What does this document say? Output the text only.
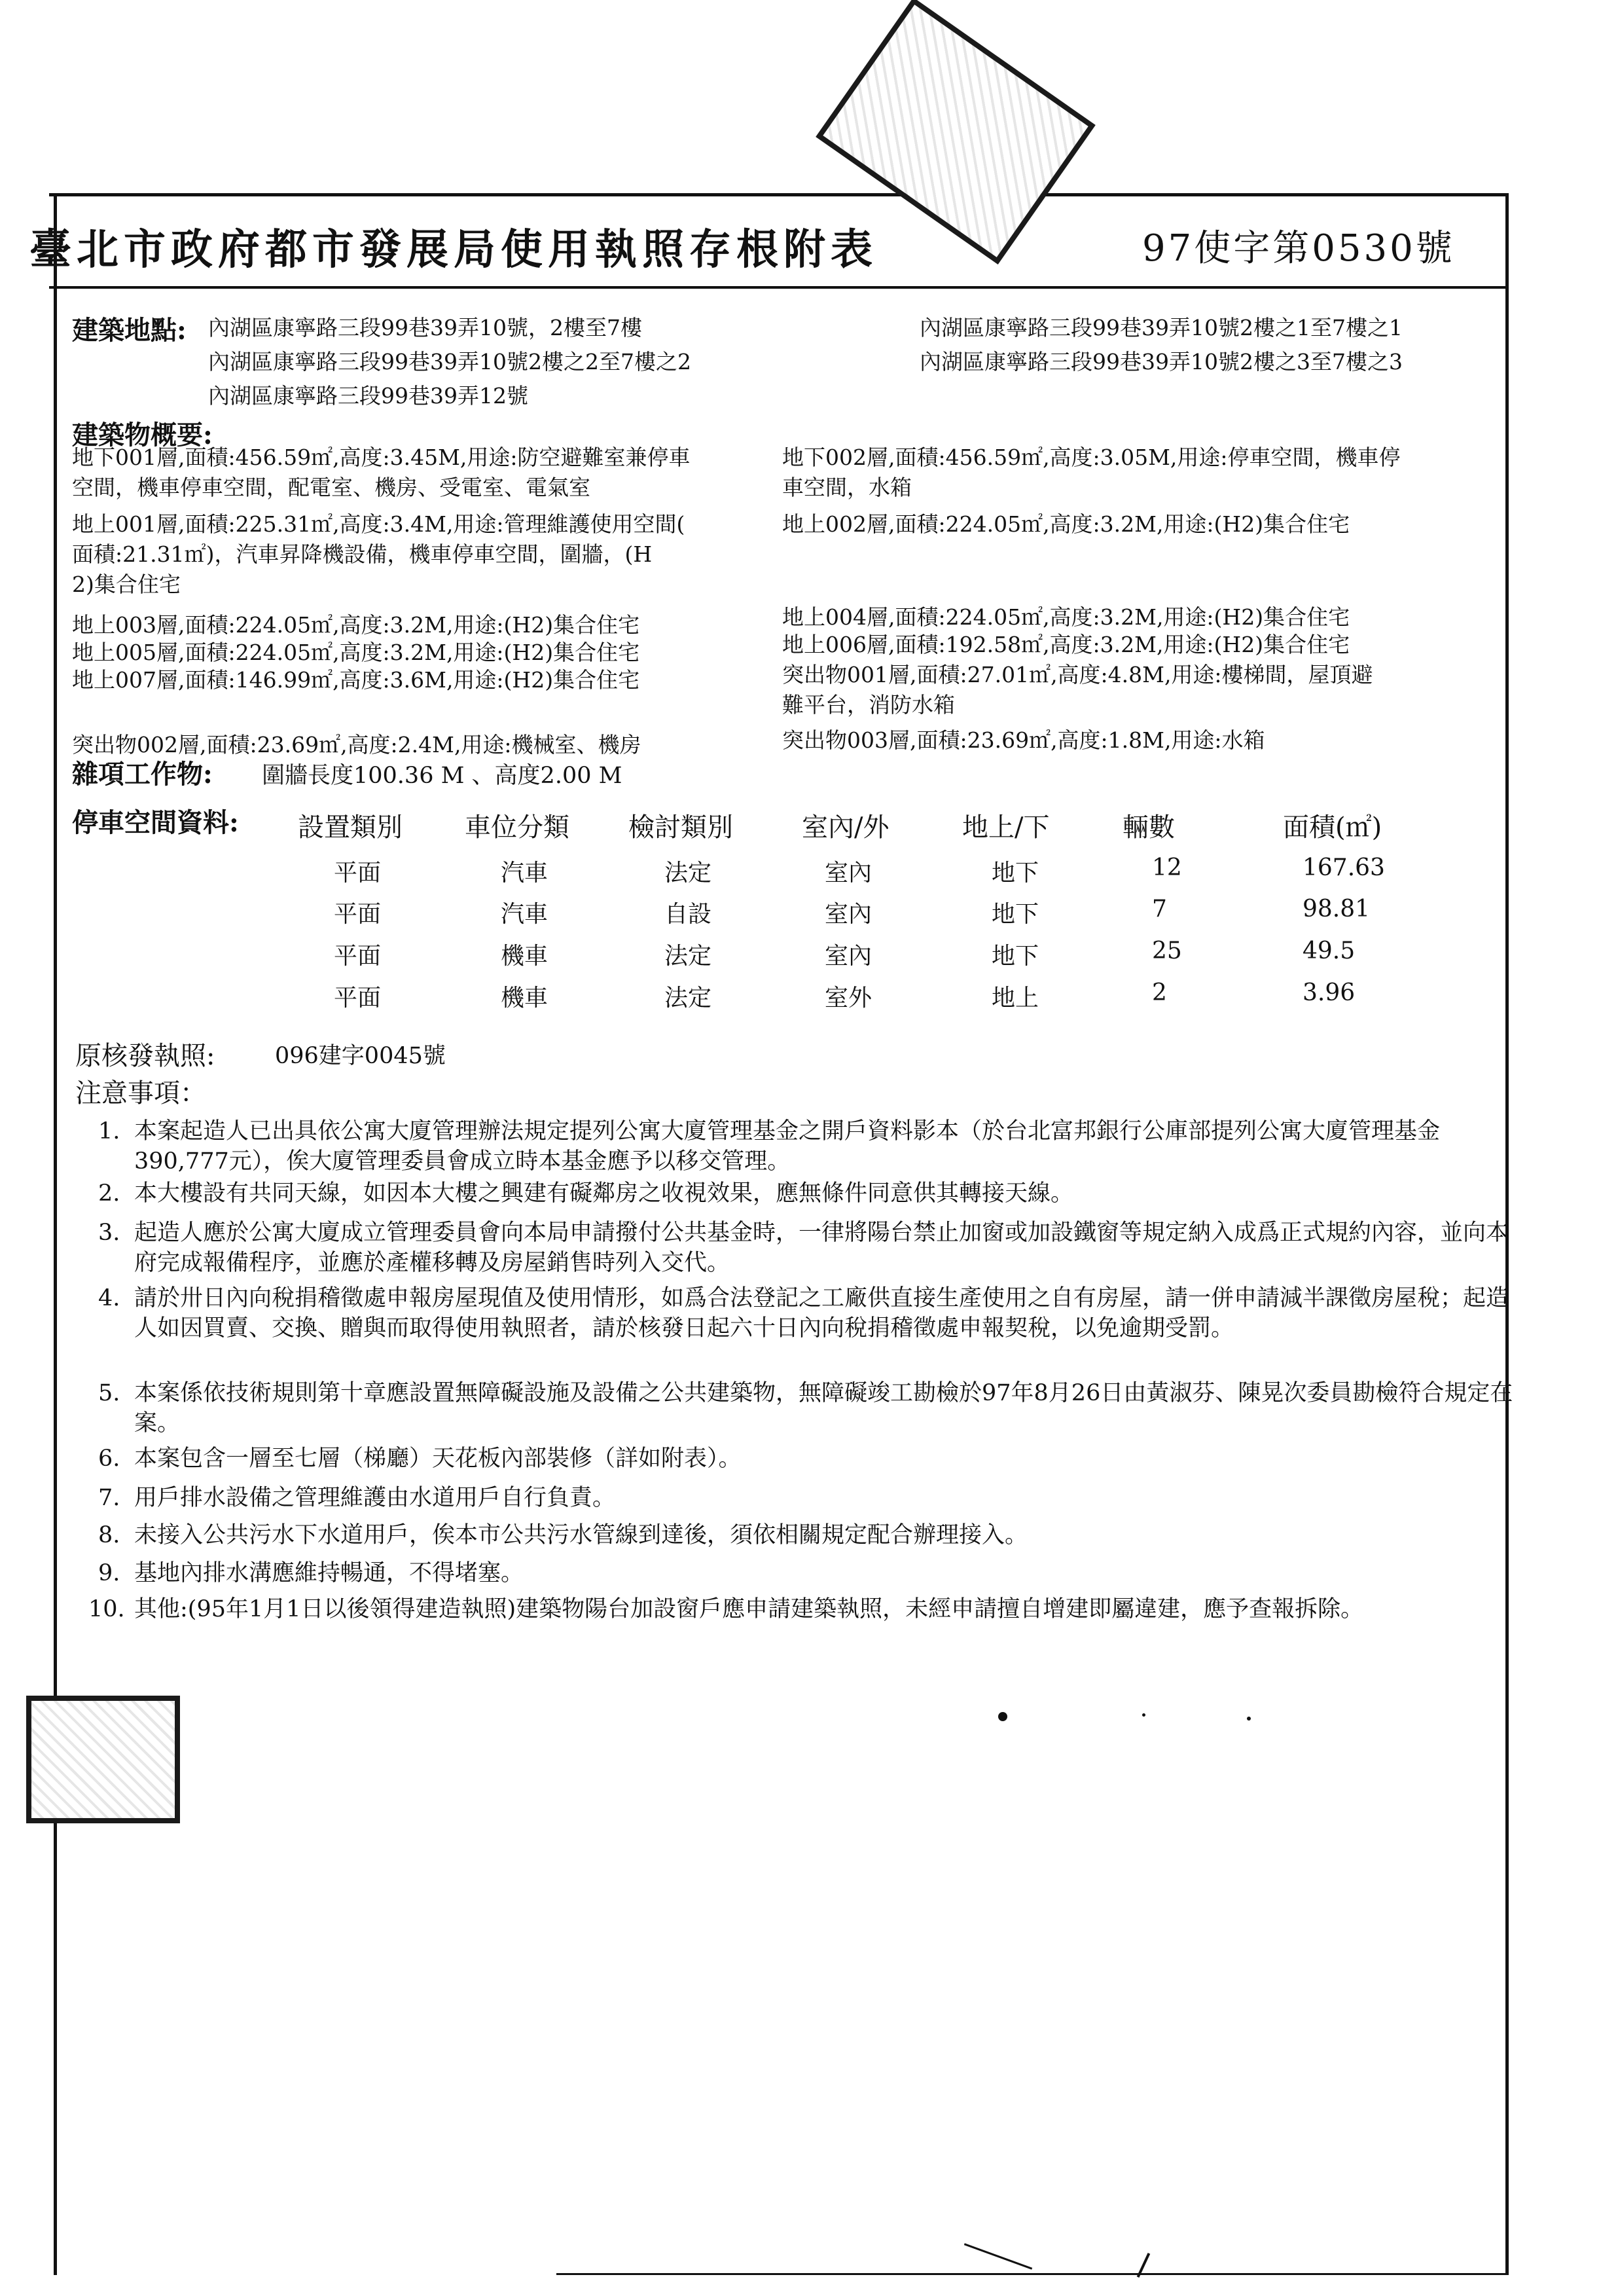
臺北市政府都市發展局使用執照存根附表	97使字第0530號
建築地點: 內湖區康寧路三段99巷39弄10號，2樓至7樓	內湖區康寧路三段99巷39弄10號2樓之1至7樓之1
內湖區康寧路三段99巷39弄10號2樓之2至7樓之2	內湖區康寧路三段99巷39弄10號2樓之3至7樓之3
內湖區康寧路三段99巷39弄12號
建築物概要:
地下001層,面積:456.59㎡,高度:3.45M,用途:防空避難室兼停車
空間，機車停車空間，配電室、機房、受電室、電氣室
地下002層,面積:456.59㎡,高度:3.05M,用途:停車空間，機車停
車空間，水箱
地上001層,面積:225.31㎡,高度:3.4M,用途:管理維護使用空間(
面積:21.31㎡)，汽車昇降機設備，機車停車空間，圍牆，(H
2)集合住宅
地上002層,面積:224.05㎡,高度:3.2M,用途:(H2)集合住宅
地上003層,面積:224.05㎡,高度:3.2M,用途:(H2)集合住宅	地上004層,面積:224.05㎡,高度:3.2M,用途:(H2)集合住宅
地上005層,面積:224.05㎡,高度:3.2M,用途:(H2)集合住宅	地上006層,面積:192.58㎡,高度:3.2M,用途:(H2)集合住宅
地上007層,面積:146.99㎡,高度:3.6M,用途:(H2)集合住宅	突出物001層,面積:27.01㎡,高度:4.8M,用途:樓梯間，屋頂避
難平台，消防水箱
突出物002層,面積:23.69㎡,高度:2.4M,用途:機械室、機房	突出物003層,面積:23.69㎡,高度:1.8M,用途:水箱
雜項工作物: 圍牆長度100.36 M 、高度2.00 M
停車空間資料: 設置類別 車位分類 檢討類別	室內/外	地上/下	輛數	面積(㎡)
平面	汽車	法定	室內	地下	12	167.63
平面	汽車	自設	室內	地下	7	98.81
平面	機車	法定	室內	地下	25	49.5
平面	機車	法定	室外	地上	2	3.96
原核發執照:	096建字0045號
注意事項：
1. 本案起造人已出具依公寓大廈管理辦法規定提列公寓大廈管理基金之開戶資料影本（於台北富邦銀行公庫部提列公寓大廈管理基金390,777元），俟大廈管理委員會成立時本基金應予以移交管理。
2. 本大樓設有共同天線，如因本大樓之興建有礙鄰房之收視效果，應無條件同意供其轉接天線。
3. 起造人應於公寓大廈成立管理委員會向本局申請撥付公共基金時，一律將陽台禁止加窗或加設鐵窗等規定納入成爲正式規約內容，並向本府完成報備程序，並應於產權移轉及房屋銷售時列入交代。
4. 請於卅日內向稅捐稽徵處申報房屋現值及使用情形，如爲合法登記之工廠供直接生產使用之自有房屋，請一併申請減半課徵房屋稅；起造人如因買賣、交換、贈與而取得使用執照者，請於核發日起六十日內向稅捐稽徵處申報契稅，以免逾期受罰。
5. 本案係依技術規則第十章應設置無障礙設施及設備之公共建築物，無障礙竣工勘檢於97年8月26日由黃淑芬、陳晃次委員勘檢符合規定在案。
6. 本案包含一層至七層（梯廳）天花板內部裝修（詳如附表）。
7. 用戶排水設備之管理維護由水道用戶自行負責。
8. 未接入公共污水下水道用戶，俟本市公共污水管線到達後，須依相關規定配合辦理接入。
9. 基地內排水溝應維持暢通，不得堵塞。
10. 其他:(95年1月1日以後領得建造執照)建築物陽台加設窗戶應申請建築執照，未經申請擅自增建即屬違建，應予查報拆除。
